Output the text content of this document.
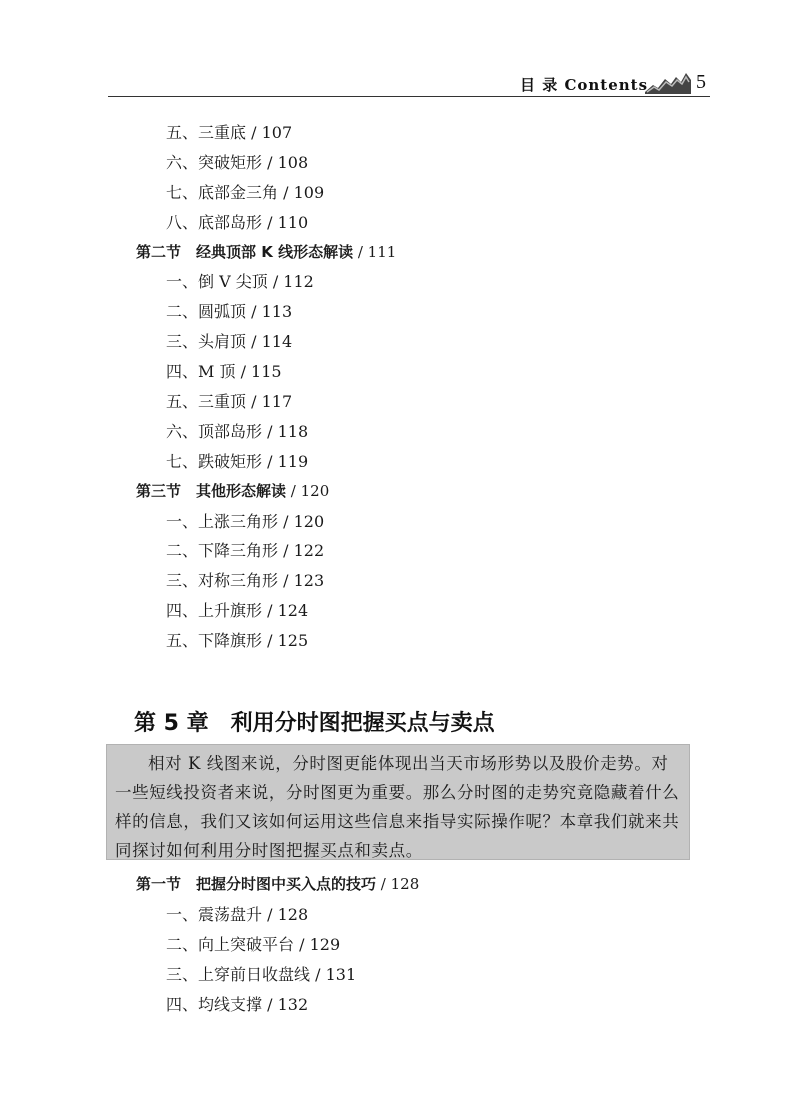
目 录 Contents 5
五、三重底 / 107
六、突破矩形 / 108
七、底部金三角 / 109
八、底部岛形 / 110
第二节　经典顶部 K 线形态解读 / 111
一、倒 V 尖顶 / 112
二、圆弧顶 / 113
三、头肩顶 / 114
四、M 顶 / 115
五、三重顶 / 117
六、顶部岛形 / 118
七、跌破矩形 / 119
第三节　其他形态解读 / 120
一、上涨三角形 / 120
二、下降三角形 / 122
三、对称三角形 / 123
四、上升旗形 / 124
五、下降旗形 / 125
第 5 章　利用分时图把握买点与卖点

相对 K 线图来说，分时图更能体现出当天市场形势以及股价走势。对一些短线投资者来说，分时图更为重要。那么分时图的走势究竟隐藏着什么样的信息，我们又该如何运用这些信息来指导实际操作呢？本章我们就来共同探讨如何利用分时图把握买点和卖点。

第一节　把握分时图中买入点的技巧 / 128
一、震荡盘升 / 128
二、向上突破平台 / 129
三、上穿前日收盘线 / 131
四、均线支撑 / 132
